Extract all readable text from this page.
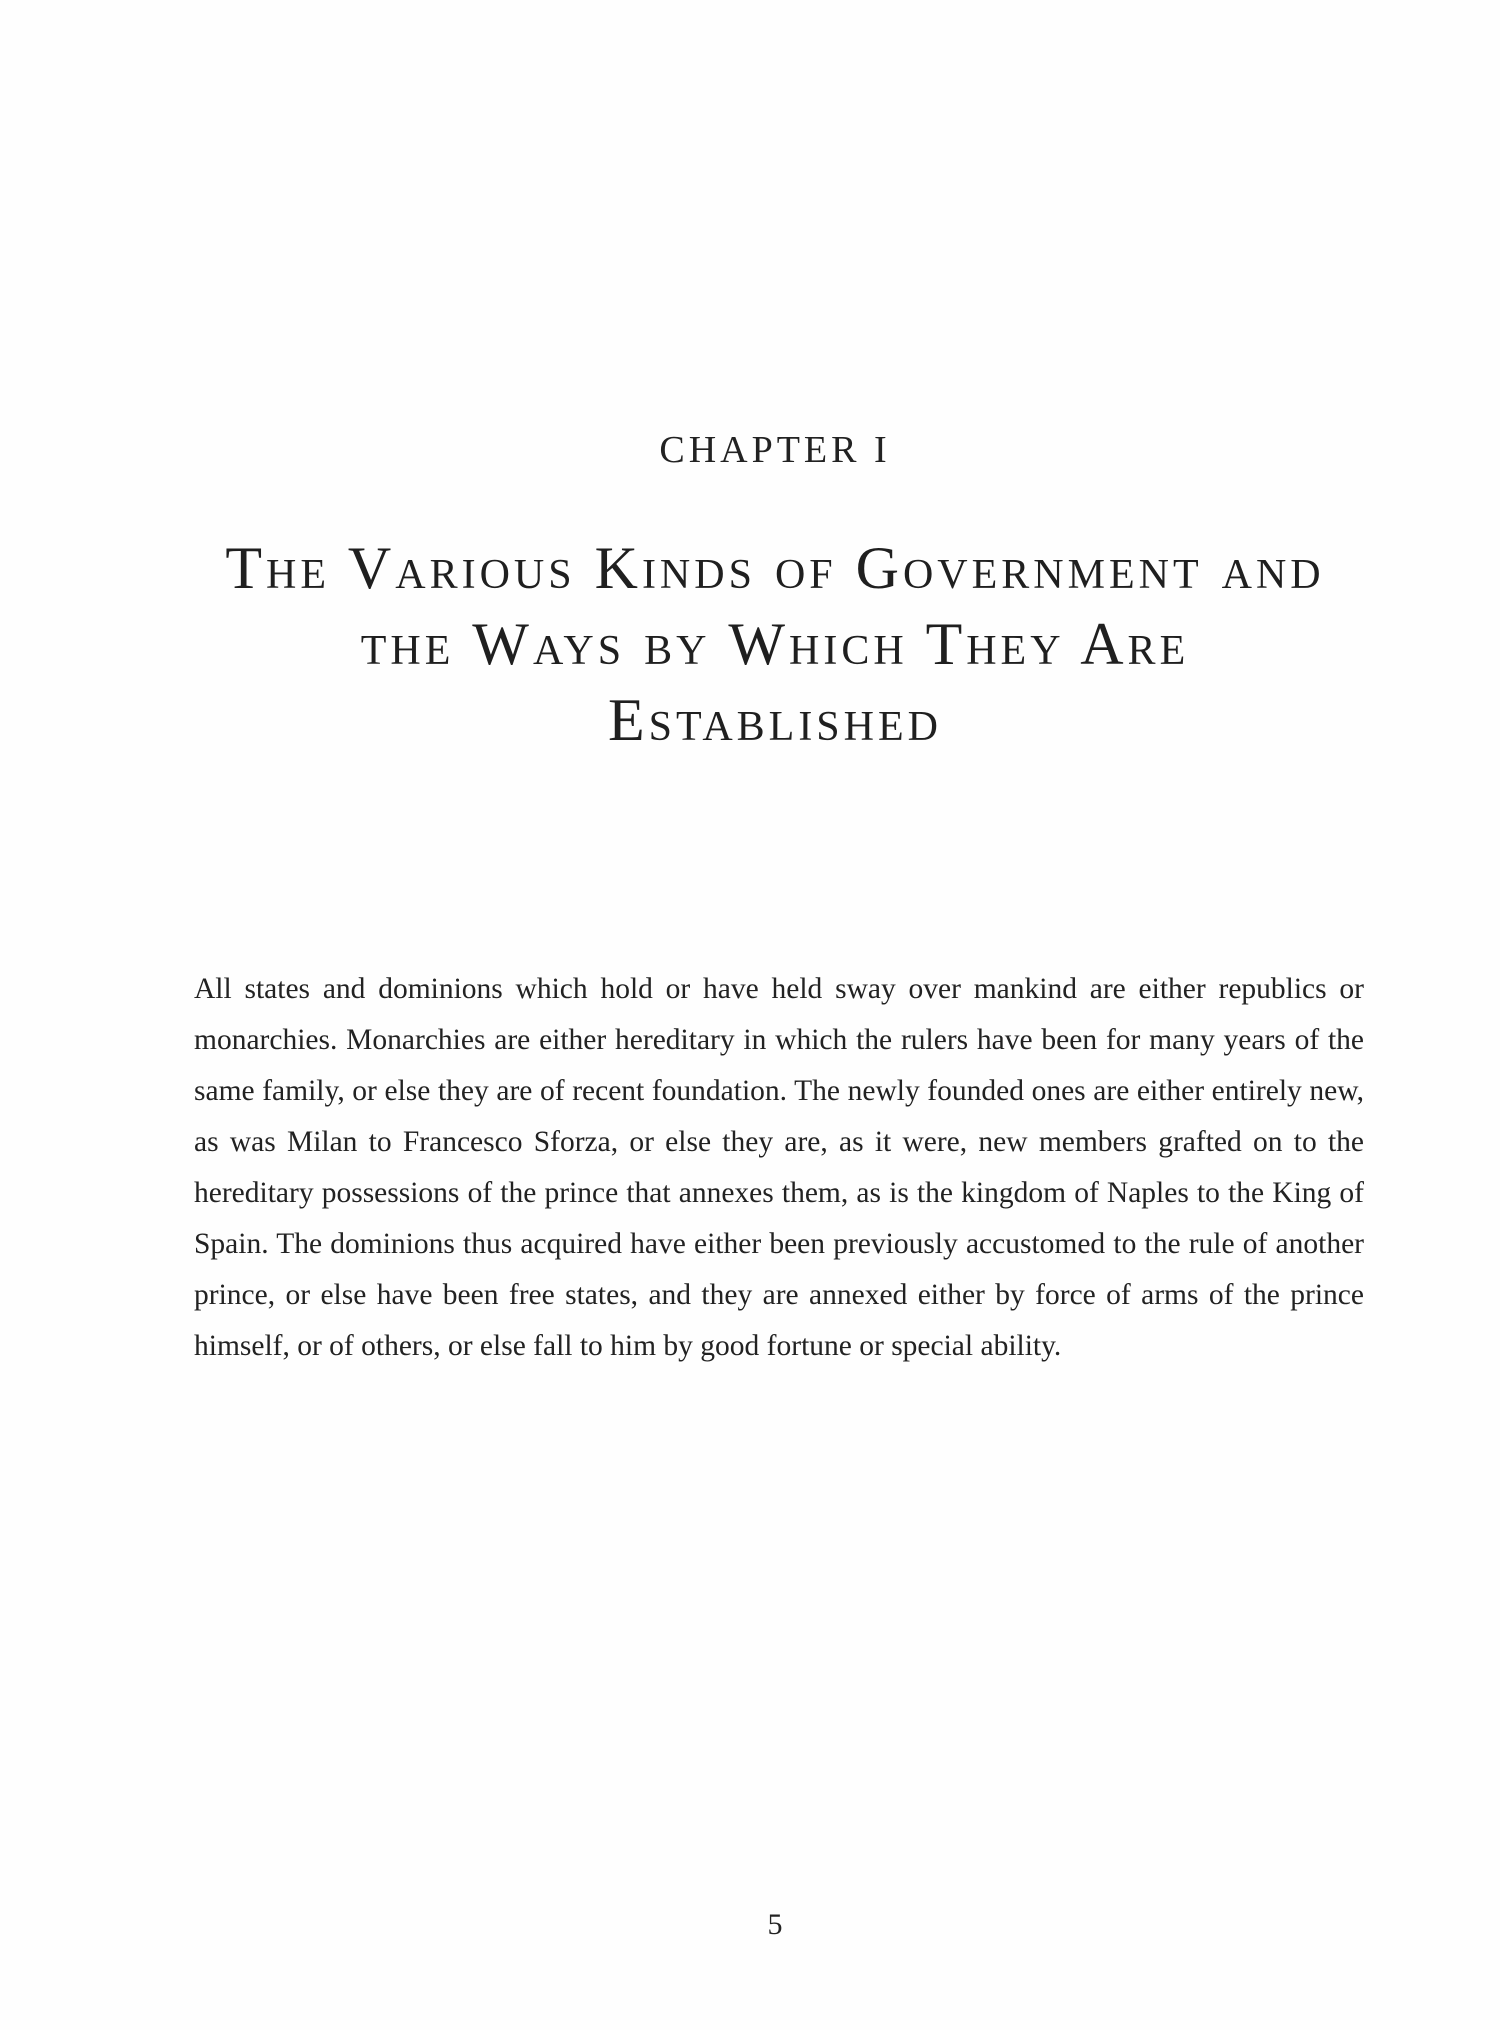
CHAPTER I
The Various Kinds of Government and the Ways by Which They Are Established

All states and dominions which hold or have held sway over mankind are either republics or monarchies. Monarchies are either hereditary in which the rulers have been for many years of the same family, or else they are of recent foundation. The newly founded ones are either entirely new, as was Milan to Francesco Sforza, or else they are, as it were, new members grafted on to the hereditary possessions of the prince that annexes them, as is the kingdom of Naples to the King of Spain. The dominions thus acquired have either been previously accustomed to the rule of another prince, or else have been free states, and they are annexed either by force of arms of the prince himself, or of others, or else fall to him by good fortune or special ability.

5
